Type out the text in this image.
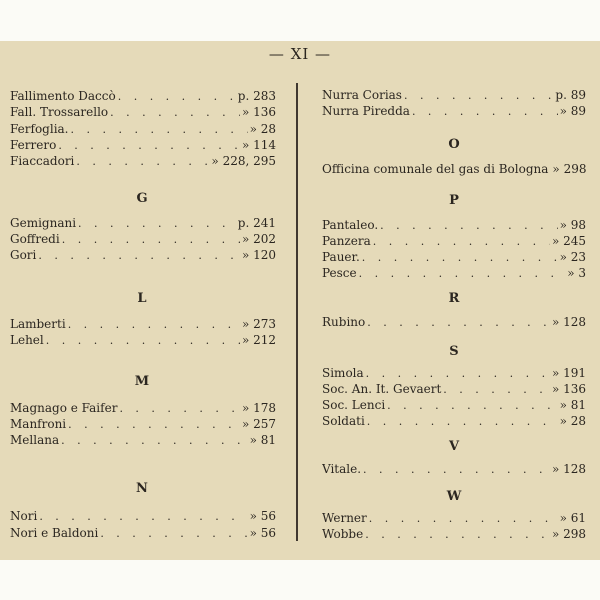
— XI —
Fallimento Daccò . . .	p. 283
Fall. Trossarello . . .	» 136
Ferfoglia. . . .	» 28
Ferrero . . .	» 114
Fiaccadori . . .	» 228, 295
G
Gemignani . . .	p. 241
Goffredi . . .	» 202
Gori . . .	» 120
L
Lamberti . . .	» 273
Lehel . . .	» 212
M
Magnago e Faifer . . .	» 178
Manfroni . . .	» 257
Mellana . . .	» 81
N
Nori . . .	» 56
Nori e Baldoni . . .	» 56
Nurra Corias . . .	p. 89
Nurra Piredda . . .	» 89
O
Officina comunale del gas di Bologna » 298
P
Pantaleo. . . .	» 98
Panzera . . .	» 245
Pauer. . . .	» 23
Pesce . . .	» 3
R
Rubino . . .	» 128
S
Simola . . .	» 191
Soc. An. It. Gevaert . . .	» 136
Soc. Lenci . . .	» 81
Soldati . . .	» 28
V
Vitale. . . .	» 128
W
Werner . . .	» 61
Wobbe . . .	» 298
